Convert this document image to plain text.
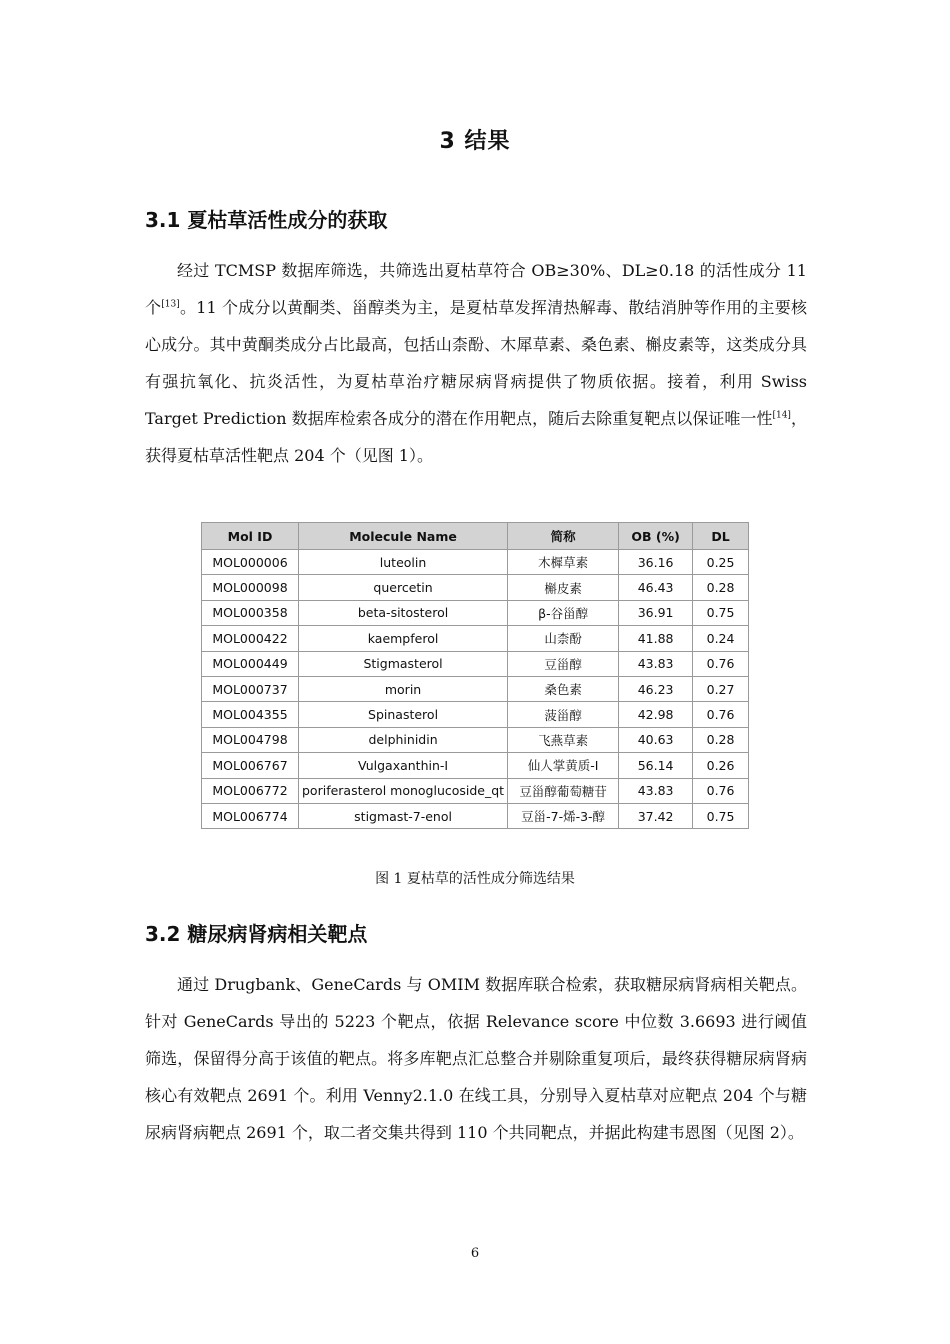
3 结果
3.1 夏枯草活性成分的获取
经过 TCMSP 数据库筛选，共筛选出夏枯草符合 OB≥30%、DL≥0.18 的活性成分 11 个[13]。11 个成分以黄酮类、甾醇类为主，是夏枯草发挥清热解毒、散结消肿等作用的主要核心成分。其中黄酮类成分占比最高，包括山柰酚、木犀草素、桑色素、槲皮素等，这类成分具有强抗氧化、抗炎活性，为夏枯草治疗糖尿病肾病提供了物质依据。接着，利用 Swiss Target Prediction 数据库检索各成分的潜在作用靶点，随后去除重复靶点以保证唯一性[14]，获得夏枯草活性靶点 204 个（见图 1）。
Mol ID	Molecule Name	简称	OB (%)	DL
MOL000006	luteolin	木樨草素	36.16	0.25
MOL000098	quercetin	槲皮素	46.43	0.28
MOL000358	beta-sitosterol	β-谷甾醇	36.91	0.75
MOL000422	kaempferol	山柰酚	41.88	0.24
MOL000449	Stigmasterol	豆甾醇	43.83	0.76
MOL000737	morin	桑色素	46.23	0.27
MOL004355	Spinasterol	菠甾醇	42.98	0.76
MOL004798	delphinidin	飞燕草素	40.63	0.28
MOL006767	Vulgaxanthin-I	仙人掌黄质-I	56.14	0.26
MOL006772	poriferasterol monoglucoside_qt	豆甾醇葡萄糖苷	43.83	0.76
MOL006774	stigmast-7-enol	豆甾-7-烯-3-醇	37.42	0.75
图 1 夏枯草的活性成分筛选结果
3.2 糖尿病肾病相关靶点
通过 Drugbank、GeneCards 与 OMIM 数据库联合检索，获取糖尿病肾病相关靶点。针对 GeneCards 导出的 5223 个靶点，依据 Relevance score 中位数 3.6693 进行阈值筛选，保留得分高于该值的靶点。将多库靶点汇总整合并剔除重复项后，最终获得糖尿病肾病核心有效靶点 2691 个。利用 Venny2.1.0 在线工具，分别导入夏枯草对应靶点 204 个与糖尿病肾病靶点 2691 个，取二者交集共得到 110 个共同靶点，并据此构建韦恩图（见图 2）。
6
